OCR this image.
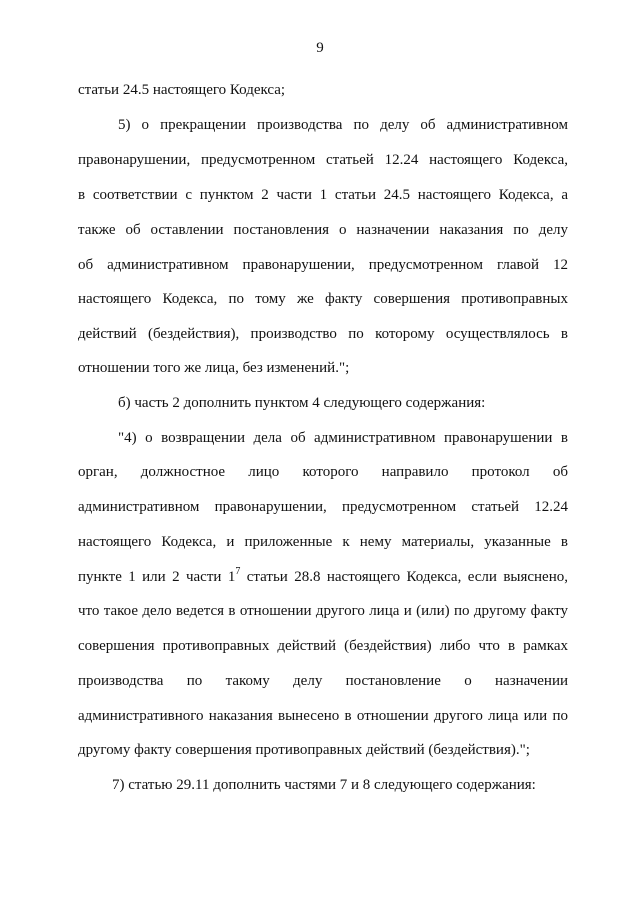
9
статьи 24.5 настоящего Кодекса;
5) о прекращении производства по делу об административном
правонарушении, предусмотренном статьей 12.24 настоящего Кодекса,
в соответствии с пунктом 2 части 1 статьи 24.5 настоящего Кодекса, а
также об оставлении постановления о назначении наказания по делу
об административном правонарушении, предусмотренном главой 12
настоящего Кодекса, по тому же факту совершения противоправных
действий (бездействия), производство по которому осуществлялось в
отношении того же лица, без изменений.";
б) часть 2 дополнить пунктом 4 следующего содержания:
"4) о возвращении дела об административном правонарушении в
орган, должностное лицо которого направило протокол об
административном правонарушении, предусмотренном статьей 12.24
настоящего Кодекса, и приложенные к нему материалы, указанные в
пункте 1 или 2 части $1^7$ статьи 28.8 настоящего Кодекса, если выяснено,
что такое дело ведется в отношении другого лица и (или) по другому факту
совершения противоправных действий (бездействия) либо что в рамках
производства по такому делу постановление о назначении
административного наказания вынесено в отношении другого лица или по
другому факту совершения противоправных действий (бездействия).";
7) статью 29.11 дополнить частями 7 и 8 следующего содержания:
